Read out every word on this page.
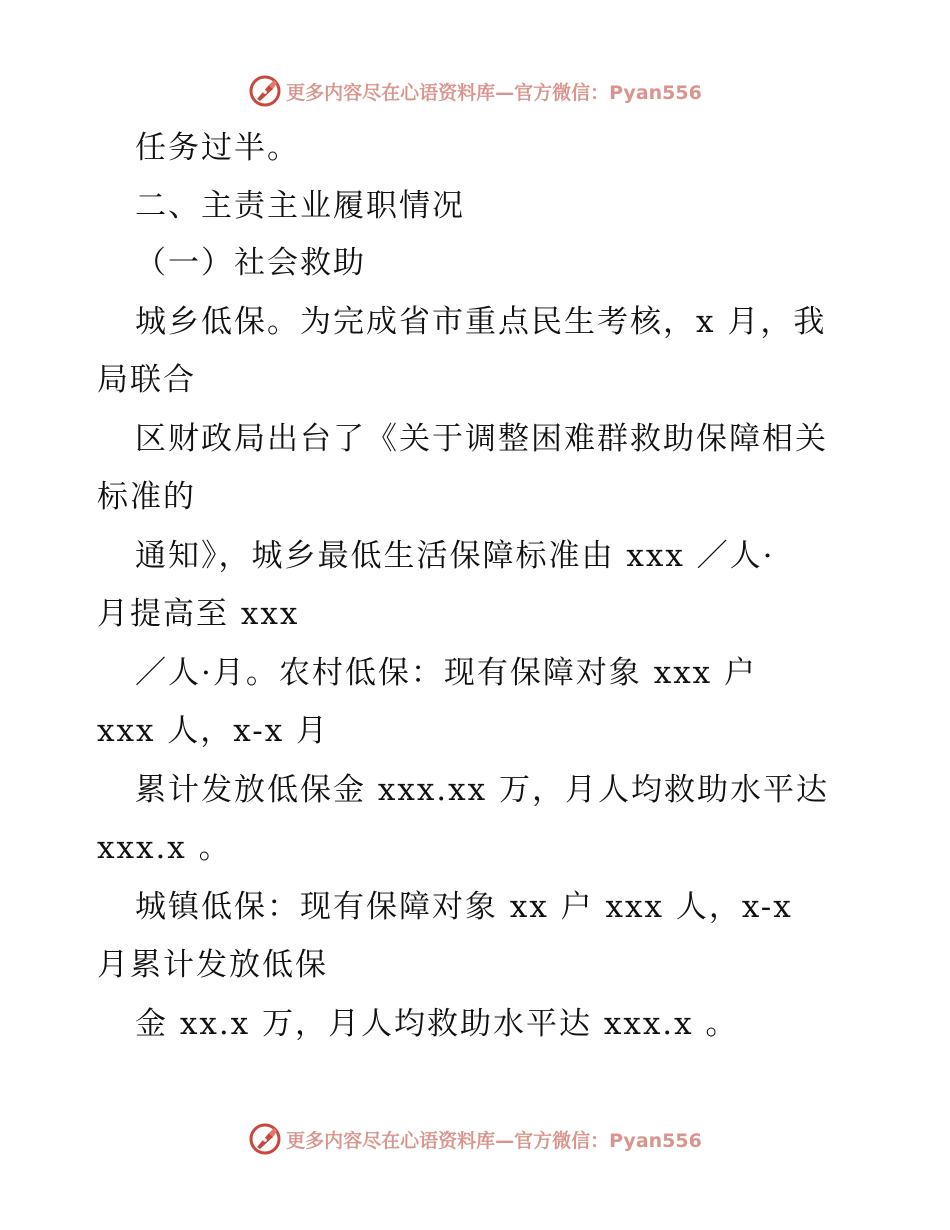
更多内容尽在心语资料库—官方微信：Pyan556
任务过半。
二、主责主业履职情况
（一）社会救助
城乡低保。为完成省市重点民生考核，x 月，我
局联合
区财政局出台了《关于调整困难群救助保障相关
标准的
通知》，城乡最低生活保障标准由 xxx ／人·
月提高至 xxx
／人·月。农村低保：现有保障对象 xxx 户
xxx 人，x-x 月
累计发放低保金 xxx.xx 万，月人均救助水平达
xxx.x 。
城镇低保：现有保障对象 xx 户 xxx 人，x-x
月累计发放低保
金 xx.x 万，月人均救助水平达 xxx.x 。
更多内容尽在心语资料库—官方微信：Pyan556
